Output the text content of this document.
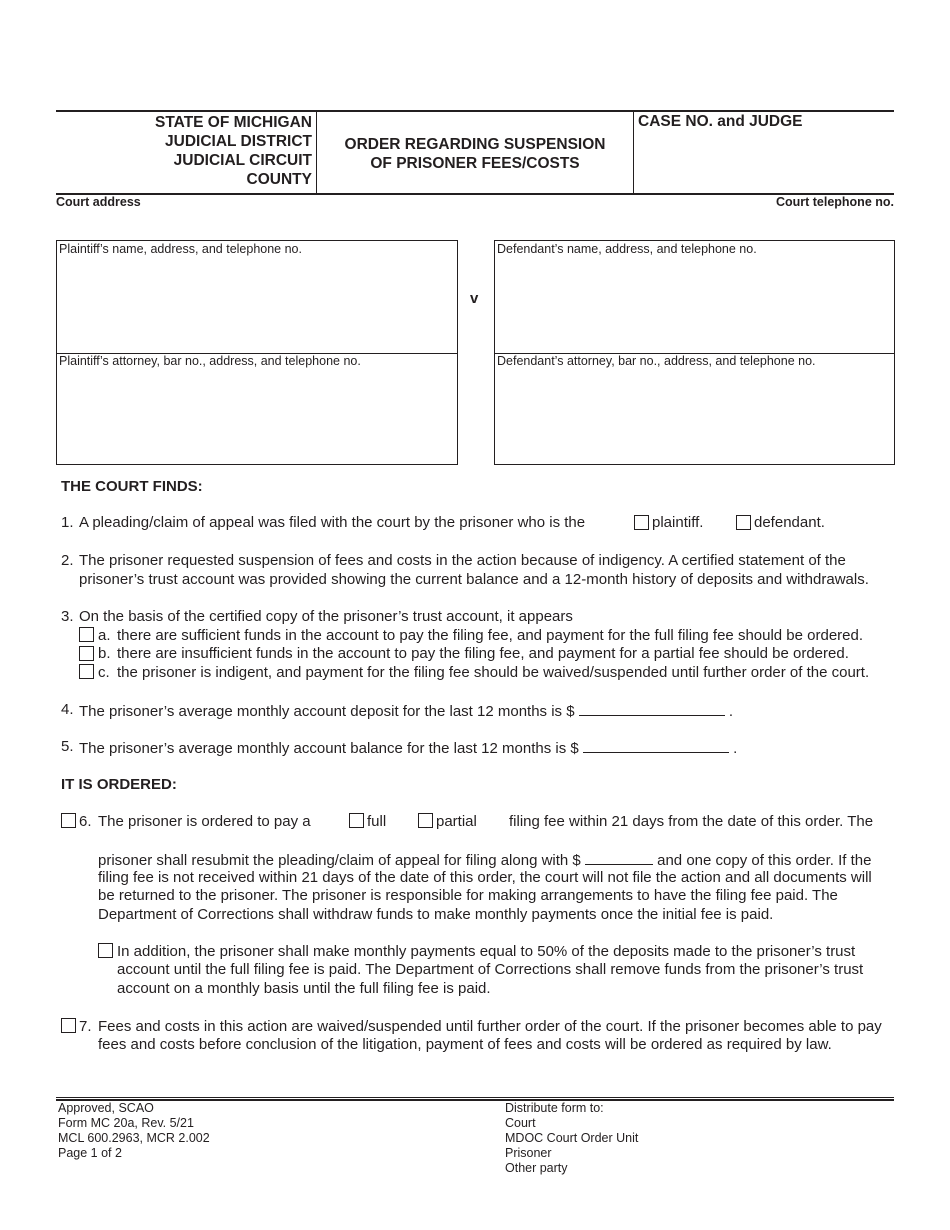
STATE OF MICHIGAN
JUDICIAL DISTRICT
JUDICIAL CIRCUIT
COUNTY
ORDER REGARDING SUSPENSION
OF PRISONER FEES/COSTS
CASE NO. and JUDGE
Court address	Court telephone no.
Plaintiff’s name, address, and telephone no.
Plaintiff’s attorney, bar no., address, and telephone no.
v
Defendant’s name, address, and telephone no.
Defendant’s attorney, bar no., address, and telephone no.
THE COURT FINDS:
1. A pleading/claim of appeal was filed with the court by the prisoner who is the	plaintiff.	defendant.
2. The prisoner requested suspension of fees and costs in the action because of indigency. A certified statement of the
prisoner’s trust account was provided showing the current balance and a 12-month history of deposits and withdrawals.
3. On the basis of the certified copy of the prisoner’s trust account, it appears
a. there are sufficient funds in the account to pay the filing fee, and payment for the full filing fee should be ordered.
b. there are insufficient funds in the account to pay the filing fee, and payment for a partial fee should be ordered.
c. the prisoner is indigent, and payment for the filing fee should be waived/suspended until further order of the court.
4. The prisoner’s average monthly account deposit for the last 12 months is $	.
5. The prisoner’s average monthly account balance for the last 12 months is $	.
IT IS ORDERED:
6. The prisoner is ordered to pay a	full	partial filing fee within 21 days from the date of this order. The
prisoner shall resubmit the pleading/claim of appeal for filing along with $	and one copy of this order. If the
filing fee is not received within 21 days of the date of this order, the court will not file the action and all documents will
be returned to the prisoner. The prisoner is responsible for making arrangements to have the filing fee paid. The
Department of Corrections shall withdraw funds to make monthly payments once the initial fee is paid.
In addition, the prisoner shall make monthly payments equal to 50% of the deposits made to the prisoner’s trust
account until the full filing fee is paid. The Department of Corrections shall remove funds from the prisoner’s trust
account on a monthly basis until the full filing fee is paid.
7. Fees and costs in this action are waived/suspended until further order of the court. If the prisoner becomes able to pay
fees and costs before conclusion of the litigation, payment of fees and costs will be ordered as required by law.
Approved, SCAO
Form MC 20a, Rev. 5/21
MCL 600.2963, MCR 2.002
Page 1 of 2
Distribute form to:
Court
MDOC Court Order Unit
Prisoner
Other party
